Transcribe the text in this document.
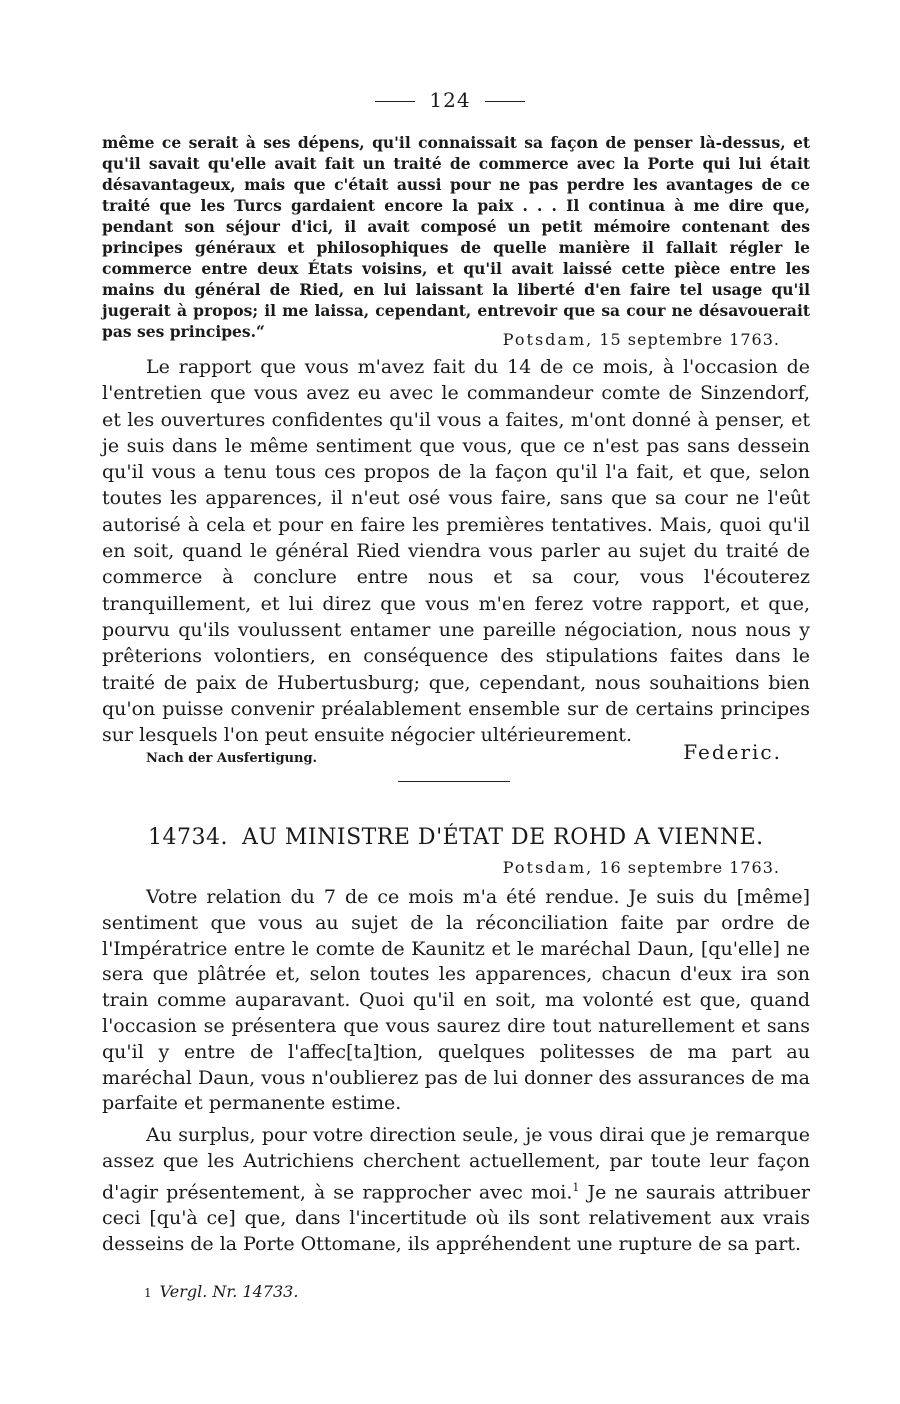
124
même ce serait à ses dépens, qu'il connaissait sa façon de penser là-dessus, et qu'il savait qu'elle avait fait un traité de commerce avec la Porte qui lui était désavantageux, mais que c'était aussi pour ne pas perdre les avantages de ce traité que les Turcs gardaient encore la paix . . . Il continua à me dire que, pendant son séjour d'ici, il avait composé un petit mémoire contenant des principes généraux et philosophiques de quelle manière il fallait régler le commerce entre deux États voisins, et qu'il avait laissé cette pièce entre les mains du général de Ried, en lui laissant la liberté d'en faire tel usage qu'il jugerait à propos; il me laissa, cependant, entrevoir que sa cour ne désavouerait pas ses principes.“	Potsdam, 15 septembre 1763.
Le rapport que vous m'avez fait du 14 de ce mois, à l'occasion de l'entretien que vous avez eu avec le commandeur comte de Sinzendorf, et les ouvertures confidentes qu'il vous a faites, m'ont donné à penser, et je suis dans le même sentiment que vous, que ce n'est pas sans dessein qu'il vous a tenu tous ces propos de la façon qu'il l'a fait, et que, selon toutes les apparences, il n'eut osé vous faire, sans que sa cour ne l'eût autorisé à cela et pour en faire les premières tentatives. Mais, quoi qu'il en soit, quand le général Ried viendra vous parler au sujet du traité de commerce à conclure entre nous et sa cour, vous l'écouterez tranquillement, et lui direz que vous m'en ferez votre rapport, et que, pourvu qu'ils voulussent entamer une pareille négociation, nous nous y prêterions volontiers, en conséquence des stipulations faites dans le traité de paix de Hubertusburg; que, cependant, nous souhaitions bien qu'on puisse convenir préalablement ensemble sur de certains principes sur lesquels l'on peut ensuite négocier ultérieurement.
Nach der Ausfertigung.	Federic.
14734. AU MINISTRE D'ÉTAT DE ROHD A VIENNE.
Potsdam, 16 septembre 1763.

Votre relation du 7 de ce mois m'a été rendue. Je suis du [même] sentiment que vous au sujet de la réconciliation faite par ordre de l'Impératrice entre le comte de Kaunitz et le maréchal Daun, [qu'elle] ne sera que plâtrée et, selon toutes les apparences, chacun d'eux ira son train comme auparavant. Quoi qu'il en soit, ma volonté est que, quand l'occasion se présentera que vous saurez dire tout naturellement et sans qu'il y entre de l'affec[ta]tion, quelques politesses de ma part au maréchal Daun, vous n'oublierez pas de lui donner des assurances de ma parfaite et permanente estime.

Au surplus, pour votre direction seule, je vous dirai que je remarque assez que les Autrichiens cherchent actuellement, par toute leur façon d'agir présentement, à se rapprocher avec moi.$^1$ Je ne saurais attribuer ceci [qu'à ce] que, dans l'incertitude où ils sont relativement aux vrais desseins de la Porte Ottomane, ils appréhendent une rupture de sa part.

1 Vergl. Nr. 14733.
